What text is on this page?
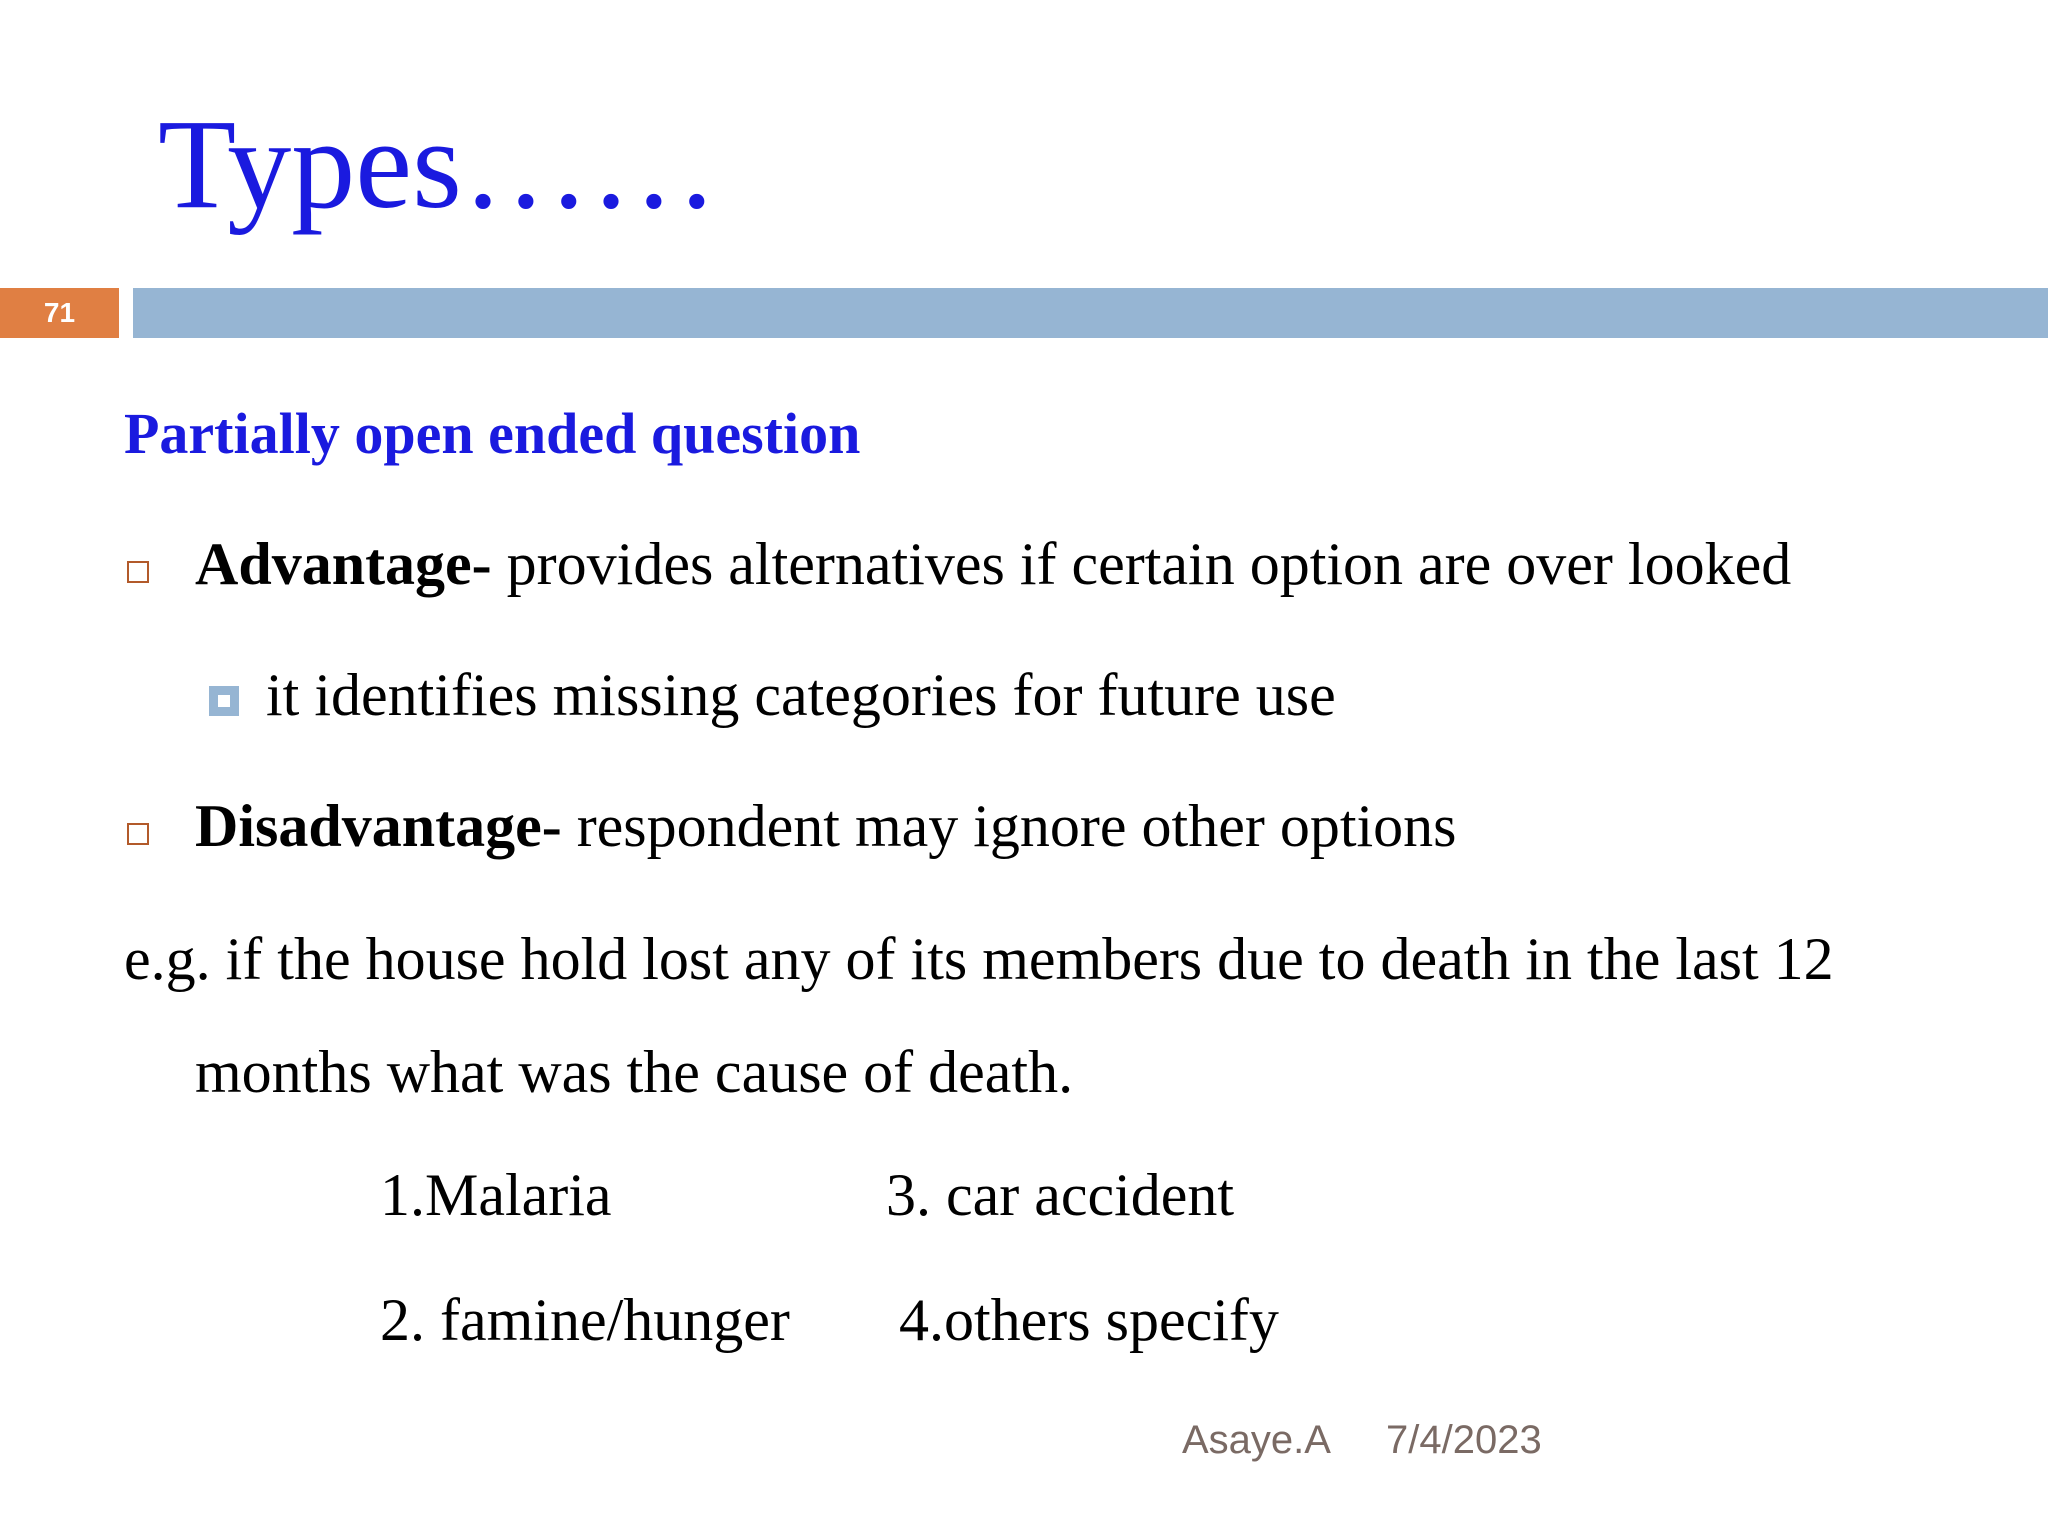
Types……
71
Partially open ended question
Advantage- provides alternatives if certain option are over looked
it identifies missing categories for future use
Disadvantage- respondent may ignore other options
e.g. if the house hold lost any of its members due to death in the last 12
months what was the cause of death.
1.Malaria	3. car accident
2. famine/hunger 4.others specify
Asaye.A 7/4/2023
